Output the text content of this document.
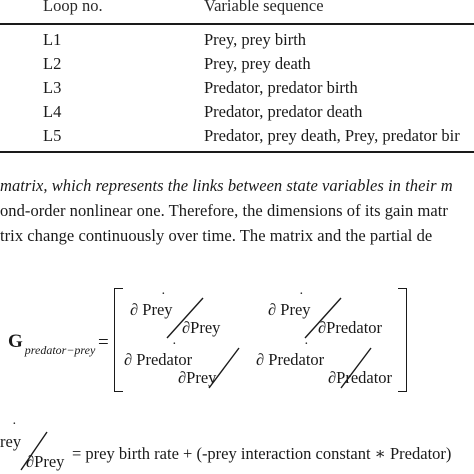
Loop no.	Variable sequence
L1	Prey, prey birth
L2	Prey, prey death
L3	Predator, predator birth
L4	Predator, predator death
L5	Predator, prey death, Prey, predator bir
matrix, which represents the links between state variables in their m
ond-order nonlinear one. Therefore, the dimensions of its gain matr
trix change continuously over time. The matrix and the partial de
G $_{predator-prey}$ =
·
∂ Prey
∂Prey
·
∂ Prey
∂Predator
·
∂ Predator
∂Prey
·
∂ Predator
∂Predator
·
rey
∂Prey = prey birth rate + (-prey interaction constant ∗ Predator)
